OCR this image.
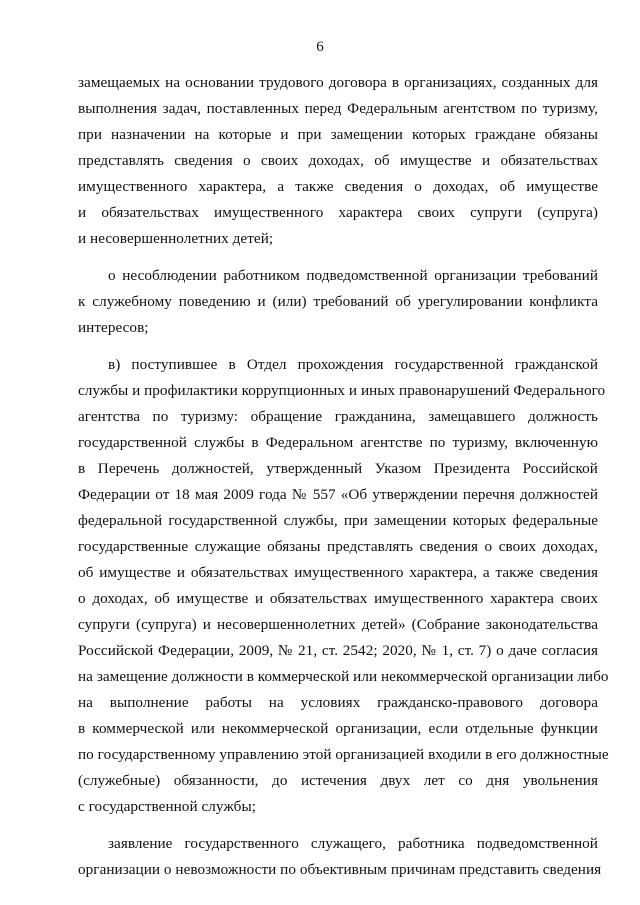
6
замещаемых на основании трудового договора в организациях, созданных для
выполнения задач, поставленных перед Федеральным агентством по туризму,
при назначении на которые и при замещении которых граждане обязаны
представлять сведения о своих доходах, об имуществе и обязательствах
имущественного характера, а также сведения о доходах, об имуществе
и обязательствах имущественного характера своих супруги (супруга)
и несовершеннолетних детей;
о несоблюдении работником подведомственной организации требований
к служебному поведению и (или) требований об урегулировании конфликта
интересов;
в) поступившее в Отдел прохождения государственной гражданской
службы и профилактики коррупционных и иных правонарушений Федерального
агентства по туризму: обращение гражданина, замещавшего должность
государственной службы в Федеральном агентстве по туризму, включенную
в Перечень должностей, утвержденный Указом Президента Российской
Федерации от 18 мая 2009 года № 557 «Об утверждении перечня должностей
федеральной государственной службы, при замещении которых федеральные
государственные служащие обязаны представлять сведения о своих доходах,
об имуществе и обязательствах имущественного характера, а также сведения
о доходах, об имуществе и обязательствах имущественного характера своих
супруги (супруга) и несовершеннолетних детей» (Собрание законодательства
Российской Федерации, 2009, № 21, ст. 2542; 2020, № 1, ст. 7) о даче согласия
на замещение должности в коммерческой или некоммерческой организации либо
на выполнение работы на условиях гражданско-правового договора
в коммерческой или некоммерческой организации, если отдельные функции
по государственному управлению этой организацией входили в его должностные
(служебные) обязанности, до истечения двух лет со дня увольнения
с государственной службы;
заявление государственного служащего, работника подведомственной
организации о невозможности по объективным причинам представить сведения
